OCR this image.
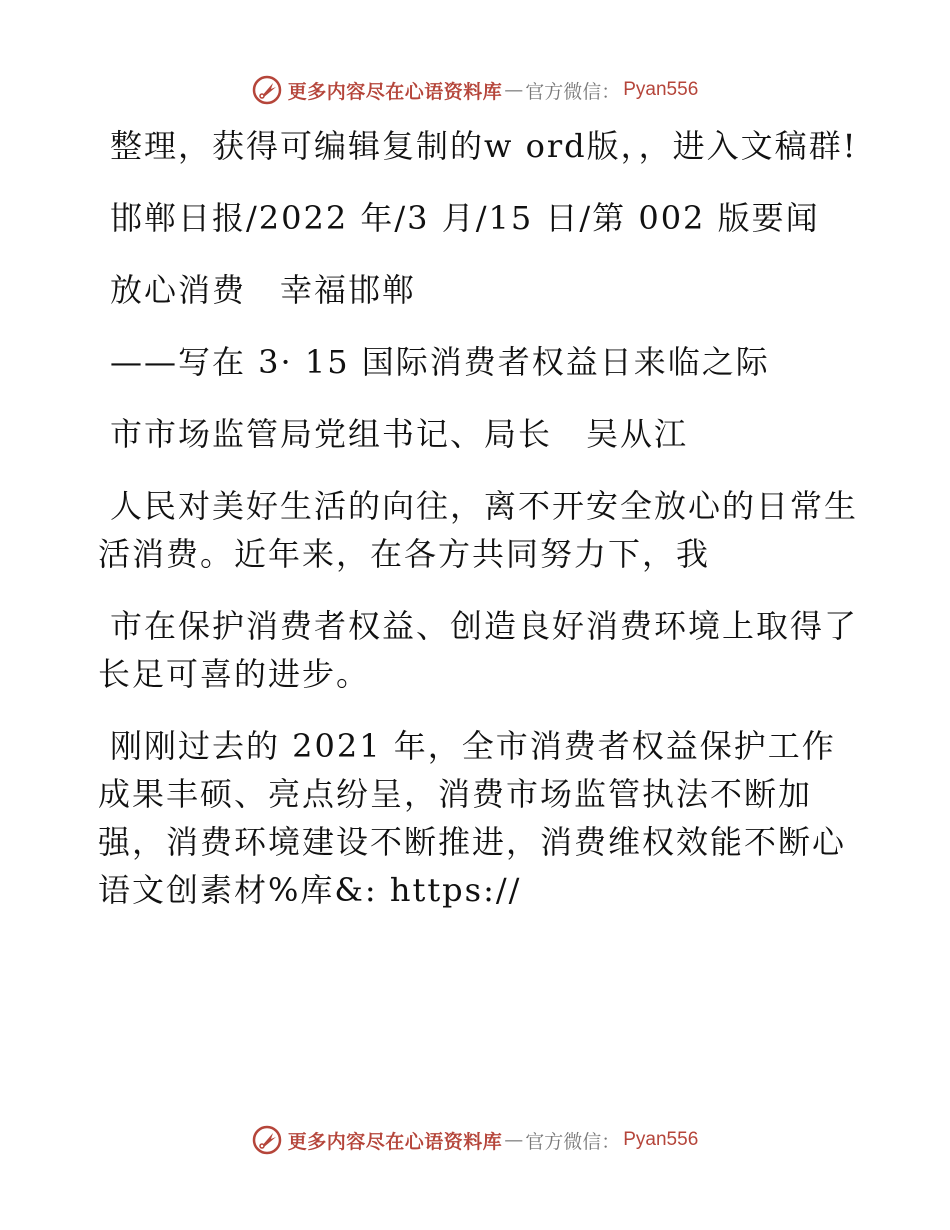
更多内容尽在心语资料库 — 官方微信： Pyan556

整理，获得可编辑复制的w ord版，，进入文稿群!

邯郸日报/2022 年/3 月/15 日/第 002 版要闻

放心消费　幸福邯郸

——写在 3· 15 国际消费者权益日来临之际

市市场监管局党组书记、局长　吴从江

人民对美好生活的向往，离不开安全放心的日常生活消费。近年来，在各方共同努力下，我

市在保护消费者权益、创造良好消费环境上取得了长足可喜的进步。

刚刚过去的 2021 年，全市消费者权益保护工作成果丰硕、亮点纷呈，消费市场监管执法不断加强，消费环境建设不断推进，消费维权效能不断心语文创素材%库&: https://

更多内容尽在心语资料库 — 官方微信： Pyan556
